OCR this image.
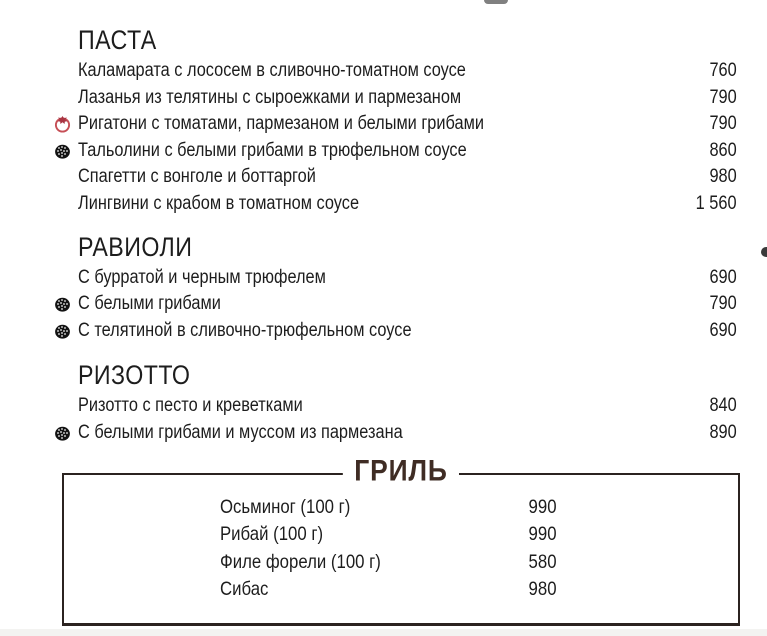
ПАСТА
Каламарата с лососем в сливочно-томатном соусе	760
Лазанья из телятины с сыроежками и пармезаном	790
Ригатони с томатами, пармезаном и белыми грибами	790
Тальолини с белыми грибами в трюфельном соусе	860
Спагетти с вонголе и боттаргой	980
Лингвини с крабом в томатном соусе	1 560
РАВИОЛИ
С бурратой и черным трюфелем	690
С белыми грибами	790
С телятиной в сливочно-трюфельном соусе	690
РИЗОТТО
Ризотто с песто и креветками	840
С белыми грибами и муссом из пармезана	890
ГРИЛЬ
Осьминог (100 г)	990
Рибай (100 г)	990
Филе форели (100 г)	580
Сибас	980
